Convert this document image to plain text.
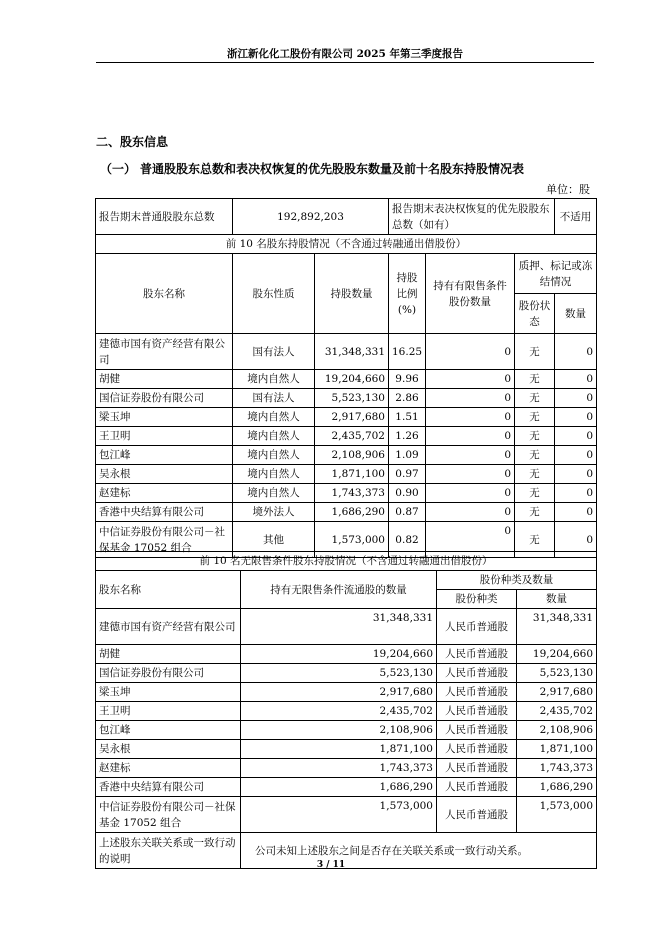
浙江新化化工股份有限公司 2025 年第三季度报告
二、股东信息
（一） 普通股股东总数和表决权恢复的优先股股东数量及前十名股东持股情况表
单位：股
报告期末普通股股东总数	192,892,203		报告期末表决权恢复的优先股股东总数（如有）			不适用
前 10 名股东持股情况（不含通过转融通出借股份）						
股东名称	股东性质	持股数量	持股比例(%)	持有有限售条件股份数量	质押、标记或冻结情况	
					股份状态	数量
建德市国有资产经营有限公司	国有法人	31,348,331	16.25	0	无	0
胡健	境内自然人	19,204,660	9.96	0	无	0
国信证券股份有限公司	国有法人	5,523,130	2.86	0	无	0
梁玉坤	境内自然人	2,917,680	1.51	0	无	0
王卫明	境内自然人	2,435,702	1.26	0	无	0
包江峰	境内自然人	2,108,906	1.09	0	无	0
吴永根	境内自然人	1,871,100	0.97	0	无	0
赵建标	境内自然人	1,743,373	0.90	0	无	0
香港中央结算有限公司	境外法人	1,686,290	0.87	0	无	0
中信证券股份有限公司－社保基金 17052 组合	其他	1,573,000	0.82	0	无	0
前 10 名无限售条件股东持股情况（不含通过转融通出借股份）			
股东名称	持有无限售条件流通股的数量	股份种类及数量	
		股份种类	数量
建德市国有资产经营有限公司	31,348,331	人民币普通股	31,348,331
胡健	19,204,660	人民币普通股	19,204,660
国信证券股份有限公司	5,523,130	人民币普通股	5,523,130
梁玉坤	2,917,680	人民币普通股	2,917,680
王卫明	2,435,702	人民币普通股	2,435,702
包江峰	2,108,906	人民币普通股	2,108,906
吴永根	1,871,100	人民币普通股	1,871,100
赵建标	1,743,373	人民币普通股	1,743,373
香港中央结算有限公司	1,686,290	人民币普通股	1,686,290
中信证券股份有限公司－社保基金 17052 组合	1,573,000	人民币普通股	1,573,000
上述股东关联关系或一致行动的说明	公司未知上述股东之间是否存在关联关系或一致行动关系。		
3 / 11
